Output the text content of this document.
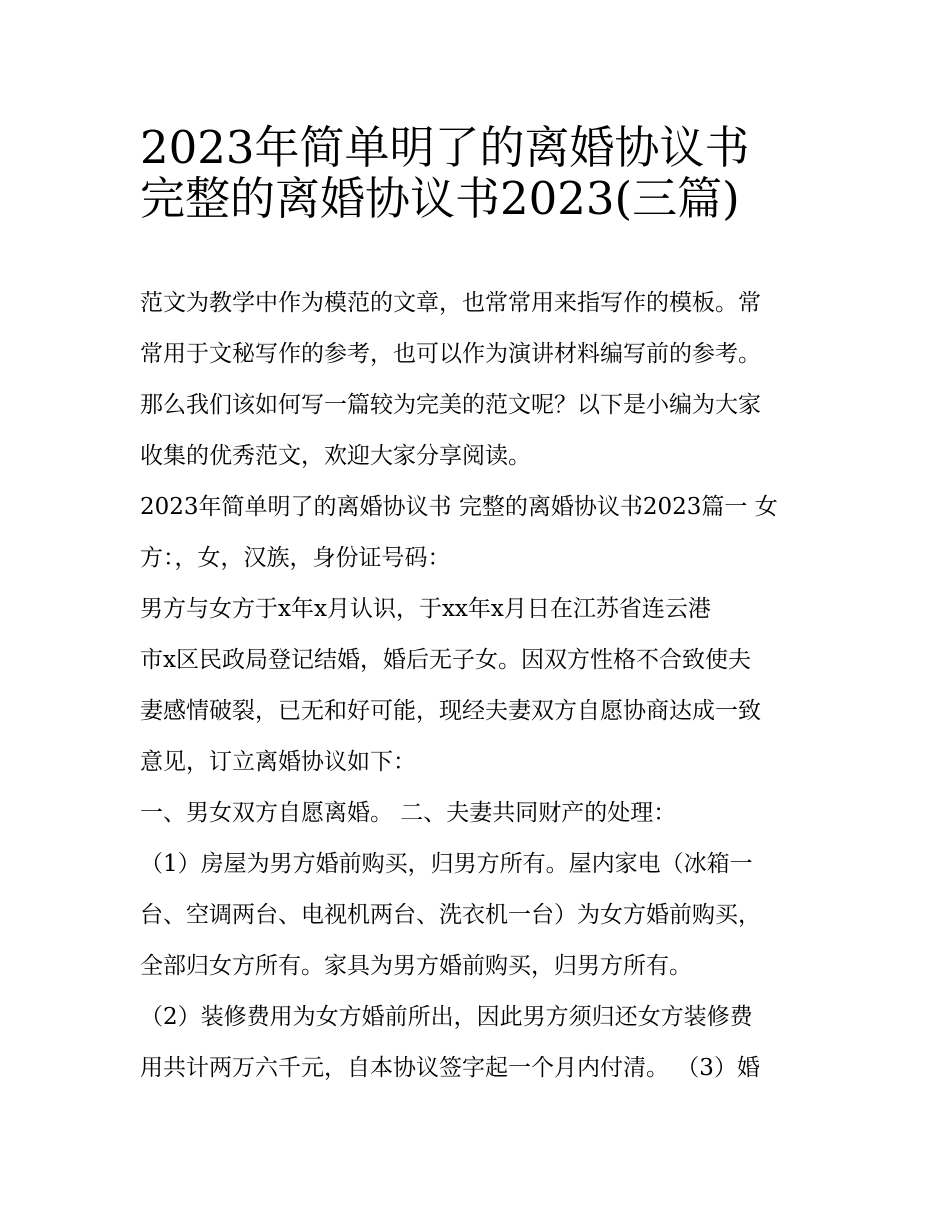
2023年简单明了的离婚协议书
完整的离婚协议书2023(三篇)
范文为教学中作为模范的文章，也常常用来指写作的模板。常
常用于文秘写作的参考，也可以作为演讲材料编写前的参考。
那么我们该如何写一篇较为完美的范文呢？以下是小编为大家
收集的优秀范文，欢迎大家分享阅读。
2023年简单明了的离婚协议书 完整的离婚协议书2023篇一 女
方：，女，汉族，身份证号码：
男方与女方于x年x月认识，于xx年x月日在江苏省连云港
市x区民政局登记结婚，婚后无子女。因双方性格不合致使夫
妻感情破裂，已无和好可能，现经夫妻双方自愿协商达成一致
意见，订立离婚协议如下：
一、男女双方自愿离婚。 二、夫妻共同财产的处理：
（1）房屋为男方婚前购买，归男方所有。屋内家电（冰箱一
台、空调两台、电视机两台、洗衣机一台）为女方婚前购买，
全部归女方所有。家具为男方婚前购买，归男方所有。
（2）装修费用为女方婚前所出，因此男方须归还女方装修费
用共计两万六千元，自本协议签字起一个月内付清。 （3）婚
